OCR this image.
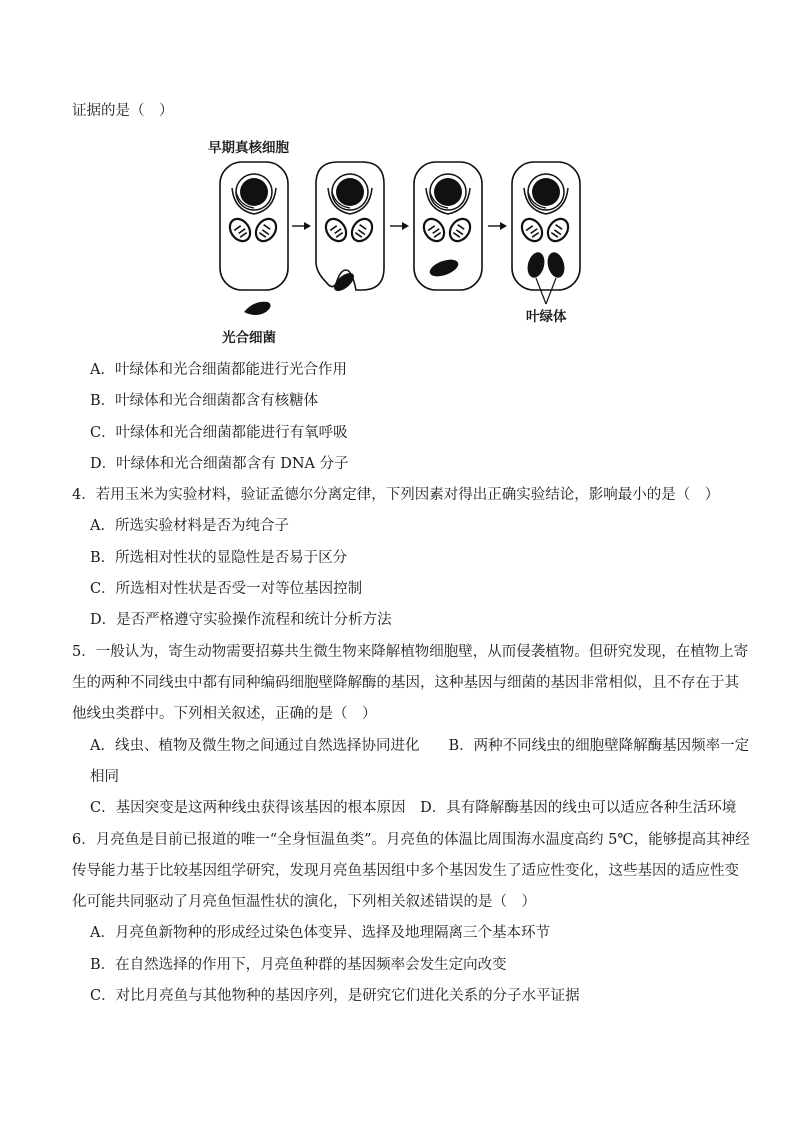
证据的是（　）
早期真核细胞
光合细菌
叶绿体
A．叶绿体和光合细菌都能进行光合作用
B．叶绿体和光合细菌都含有核糖体
C．叶绿体和光合细菌都能进行有氧呼吸
D．叶绿体和光合细菌都含有 DNA 分子
4．若用玉米为实验材料，验证孟德尔分离定律，下列因素对得出正确实验结论，影响最小的是（　）
A．所选实验材料是否为纯合子
B．所选相对性状的显隐性是否易于区分
C．所选相对性状是否受一对等位基因控制
D．是否严格遵守实验操作流程和统计分析方法
5．一般认为，寄生动物需要招募共生微生物来降解植物细胞壁，从而侵袭植物。但研究发现，在植物上寄
生的两种不同线虫中都有同种编码细胞壁降解酶的基因，这种基因与细菌的基因非常相似，且不存在于其
他线虫类群中。下列相关叙述，正确的是（　）
A．线虫、植物及微生物之间通过自然选择协同进化　　B．两种不同线虫的细胞壁降解酶基因频率一定
相同
C．基因突变是这两种线虫获得该基因的根本原因　D．具有降解酶基因的线虫可以适应各种生活环境
6．月亮鱼是目前已报道的唯一“全身恒温鱼类”。月亮鱼的体温比周围海水温度高约 5℃，能够提高其神经
传导能力基于比较基因组学研究，发现月亮鱼基因组中多个基因发生了适应性变化，这些基因的适应性变
化可能共同驱动了月亮鱼恒温性状的演化，下列相关叙述错误的是（　）
A．月亮鱼新物种的形成经过染色体变异、选择及地理隔离三个基本环节
B．在自然选择的作用下，月亮鱼种群的基因频率会发生定向改变
C．对比月亮鱼与其他物种的基因序列，是研究它们进化关系的分子水平证据
